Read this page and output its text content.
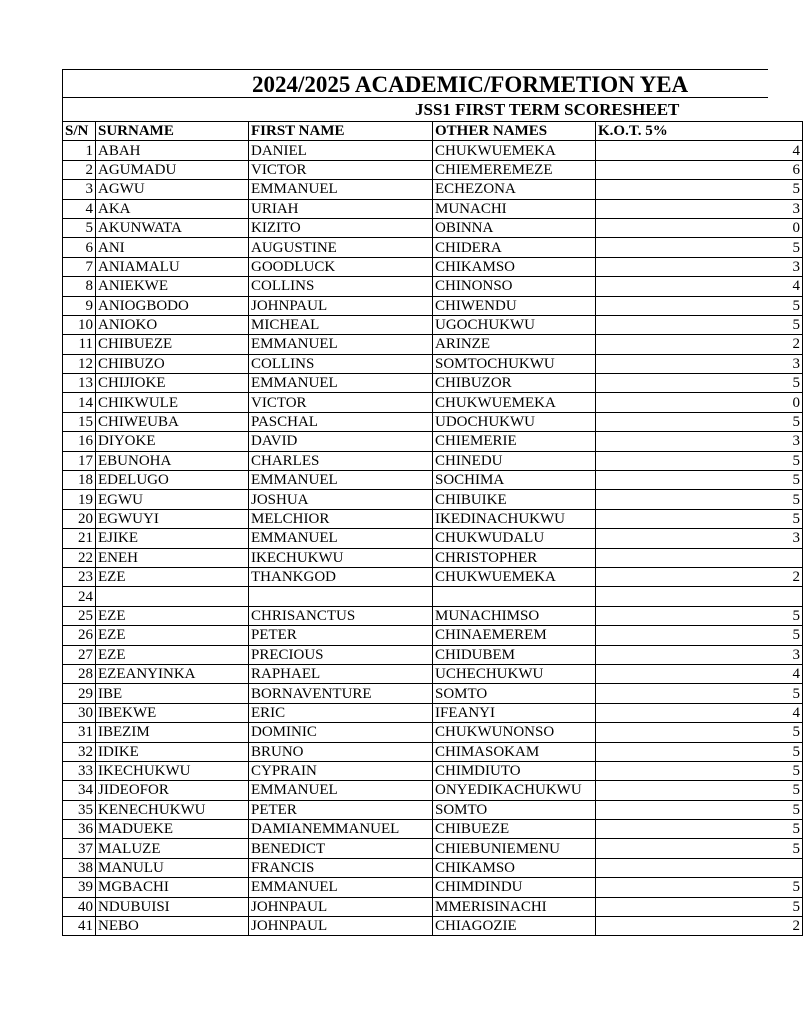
2024/2025 ACADEMIC/FORMETION YEA
JSS1 FIRST TERM SCORESHEET
S/N	SURNAME	FIRST NAME	OTHER NAMES	K.O.T. 5%
1	ABAH	DANIEL	CHUKWUEMEKA	4
2	AGUMADU	VICTOR	CHIEMEREMEZE	6
3	AGWU	EMMANUEL	ECHEZONA	5
4	AKA	URIAH	MUNACHI	3
5	AKUNWATA	KIZITO	OBINNA	0
6	ANI	AUGUSTINE	CHIDERA	5
7	ANIAMALU	GOODLUCK	CHIKAMSO	3
8	ANIEKWE	COLLINS	CHINONSO	4
9	ANIOGBODO	JOHNPAUL	CHIWENDU	5
10	ANIOKO	MICHEAL	UGOCHUKWU	5
11	CHIBUEZE	EMMANUEL	ARINZE	2
12	CHIBUZO	COLLINS	SOMTOCHUKWU	3
13	CHIJIOKE	EMMANUEL	CHIBUZOR	5
14	CHIKWULE	VICTOR	CHUKWUEMEKA	0
15	CHIWEUBA	PASCHAL	UDOCHUKWU	5
16	DIYOKE	DAVID	CHIEMERIE	3
17	EBUNOHA	CHARLES	CHINEDU	5
18	EDELUGO	EMMANUEL	SOCHIMA	5
19	EGWU	JOSHUA	CHIBUIKE	5
20	EGWUYI	MELCHIOR	IKEDINACHUKWU	5
21	EJIKE	EMMANUEL	CHUKWUDALU	3
22	ENEH	IKECHUKWU	CHRISTOPHER	
23	EZE	THANKGOD	CHUKWUEMEKA	2
24				
25	EZE	CHRISANCTUS	MUNACHIMSO	5
26	EZE	PETER	CHINAEMEREM	5
27	EZE	PRECIOUS	CHIDUBEM	3
28	EZEANYINKA	RAPHAEL	UCHECHUKWU	4
29	IBE	BORNAVENTURE	SOMTO	5
30	IBEKWE	ERIC	IFEANYI	4
31	IBEZIM	DOMINIC	CHUKWUNONSO	5
32	IDIKE	BRUNO	CHIMASOKAM	5
33	IKECHUKWU	CYPRAIN	CHIMDIUTO	5
34	JIDEOFOR	EMMANUEL	ONYEDIKACHUKWU	5
35	KENECHUKWU	PETER	SOMTO	5
36	MADUEKE	DAMIANEMMANUEL	CHIBUEZE	5
37	MALUZE	BENEDICT	CHIEBUNIEMENU	5
38	MANULU	FRANCIS	CHIKAMSO	
39	MGBACHI	EMMANUEL	CHIMDINDU	5
40	NDUBUISI	JOHNPAUL	MMERISINACHI	5
41	NEBO	JOHNPAUL	CHIAGOZIE	2
